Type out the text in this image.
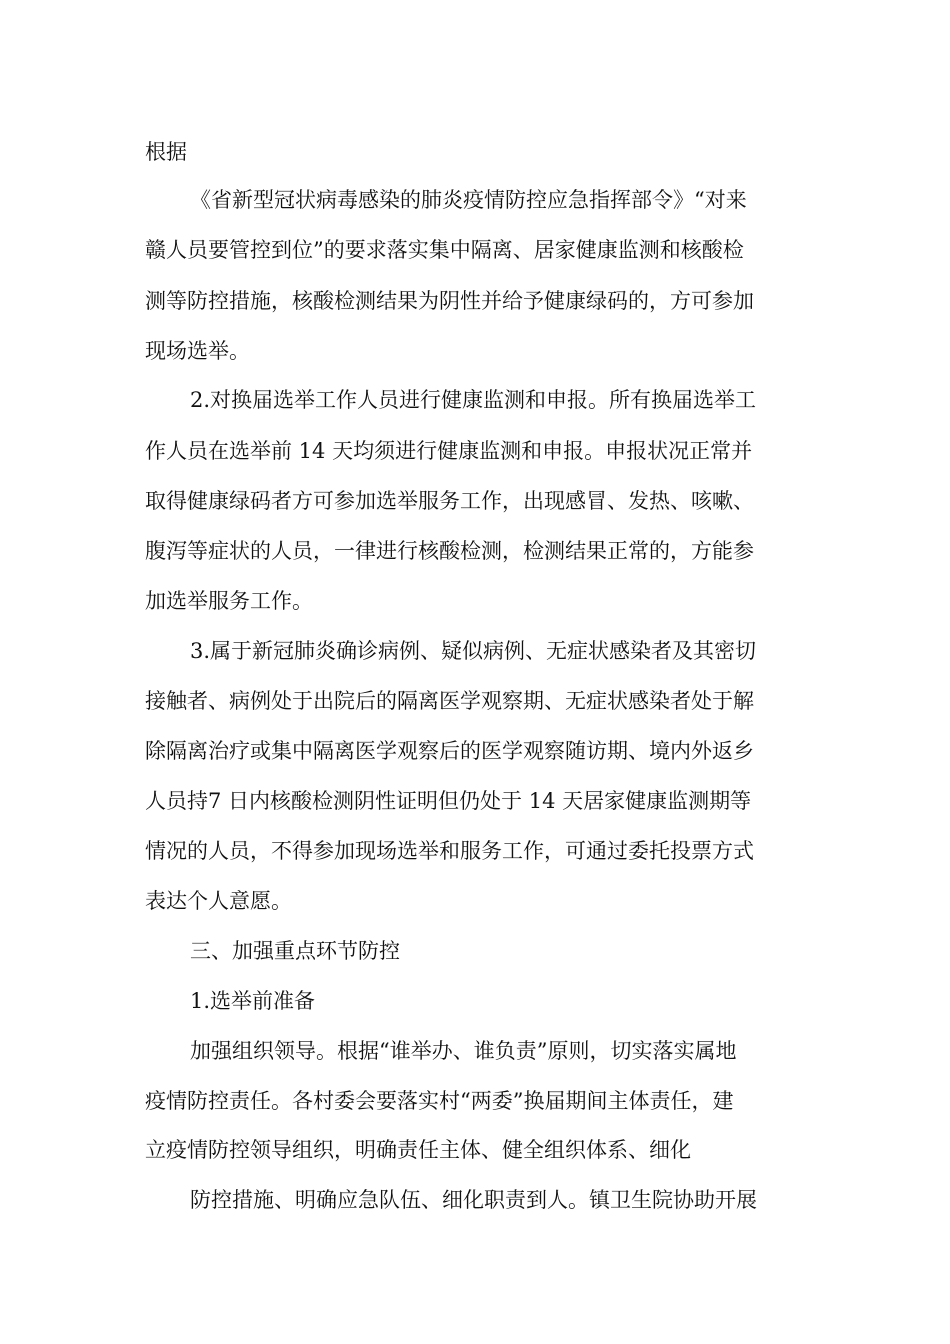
根据
《省新型冠状病毒感染的肺炎疫情防控应急指挥部令》“对来
赣人员要管控到位”的要求落实集中隔离、居家健康监测和核酸检
测等防控措施，核酸检测结果为阴性并给予健康绿码的，方可参加
现场选举。
2.对换届选举工作人员进行健康监测和申报。所有换届选举工
作人员在选举前 14 天均须进行健康监测和申报。申报状况正常并
取得健康绿码者方可参加选举服务工作，出现感冒、发热、咳嗽、
腹泻等症状的人员，一律进行核酸检测，检测结果正常的，方能参
加选举服务工作。
3.属于新冠肺炎确诊病例、疑似病例、无症状感染者及其密切
接触者、病例处于出院后的隔离医学观察期、无症状感染者处于解
除隔离治疗或集中隔离医学观察后的医学观察随访期、境内外返乡
人员持7 日内核酸检测阴性证明但仍处于 14 天居家健康监测期等
情况的人员，不得参加现场选举和服务工作，可通过委托投票方式
表达个人意愿。
三、加强重点环节防控
1.选举前准备
加强组织领导。根据“谁举办、谁负责”原则，切实落实属地
疫情防控责任。各村委会要落实村“两委”换届期间主体责任，建
立疫情防控领导组织，明确责任主体、健全组织体系、细化
防控措施、明确应急队伍、细化职责到人。镇卫生院协助开展
